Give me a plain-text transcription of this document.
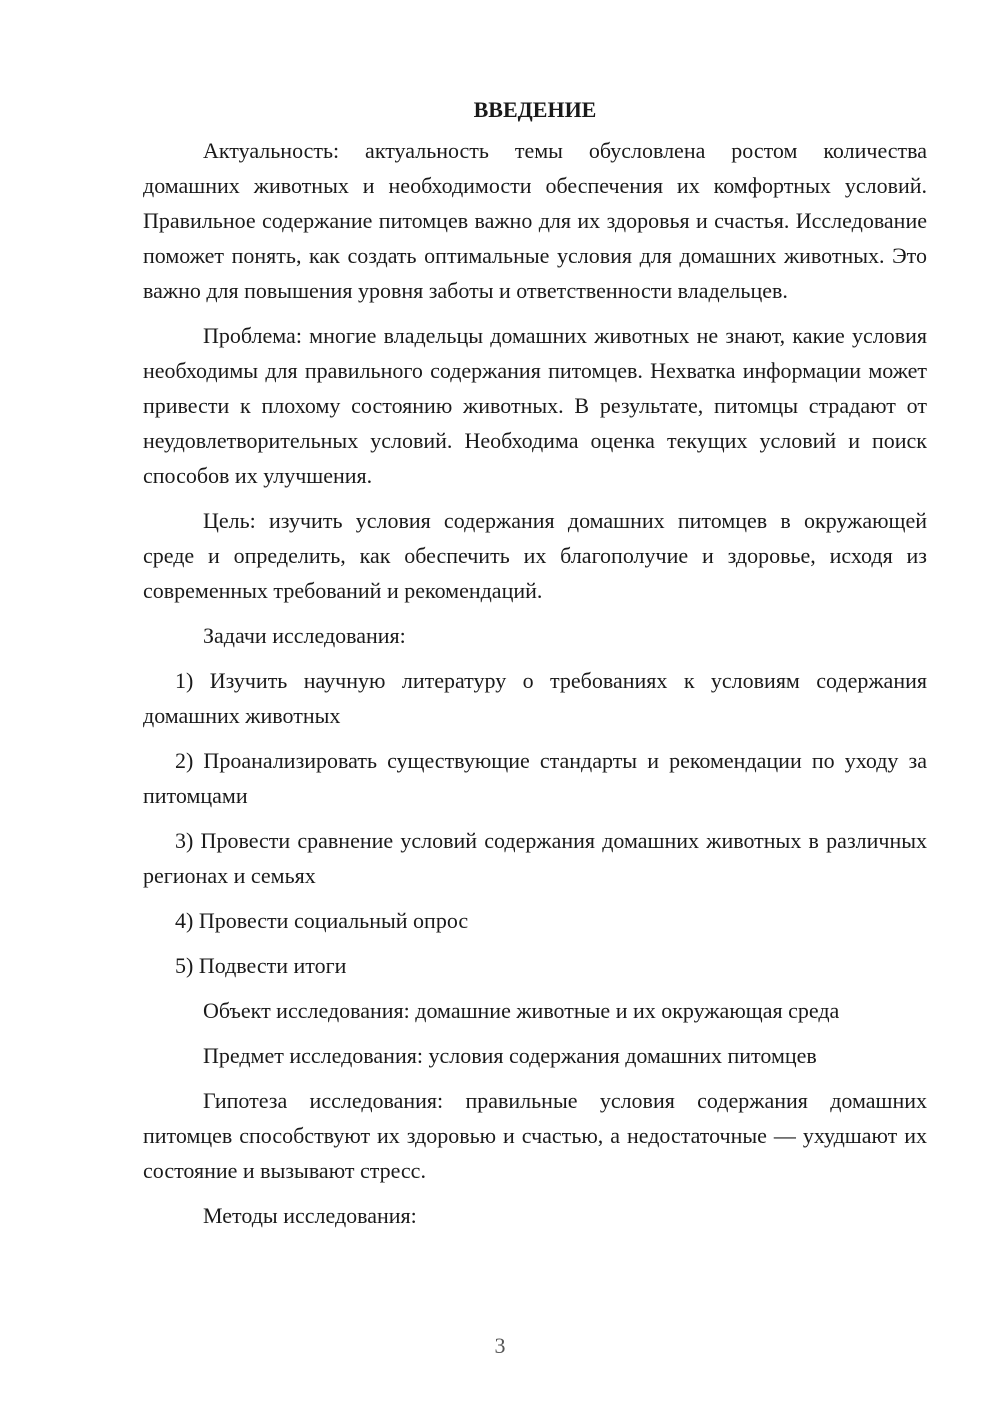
ВВЕДЕНИЕ

Актуальность: актуальность темы обусловлена ростом количества домашних животных и необходимости обеспечения их комфортных условий. Правильное содержание питомцев важно для их здоровья и счастья. Исследование поможет понять, как создать оптимальные условия для домашних животных. Это важно для повышения уровня заботы и ответственности владельцев.

Проблема: многие владельцы домашних животных не знают, какие условия необходимы для правильного содержания питомцев. Нехватка информации может привести к плохому состоянию животных. В результате, питомцы страдают от неудовлетворительных условий. Необходима оценка текущих условий и поиск способов их улучшения.

Цель: изучить условия содержания домашних питомцев в окружающей среде и определить, как обеспечить их благополучие и здоровье, исходя из современных требований и рекомендаций.

Задачи исследования:

1) Изучить научную литературу о требованиях к условиям содержания домашних животных

2) Проанализировать существующие стандарты и рекомендации по уходу за питомцами

3) Провести сравнение условий содержания домашних животных в различных регионах и семьях

4) Провести социальный опрос

5) Подвести итоги

Объект исследования: домашние животные и их окружающая среда

Предмет исследования: условия содержания домашних питомцев

Гипотеза исследования: правильные условия содержания домашних питомцев способствуют их здоровью и счастью, а недостаточные — ухудшают их состояние и вызывают стресс.

Методы исследования:

3
